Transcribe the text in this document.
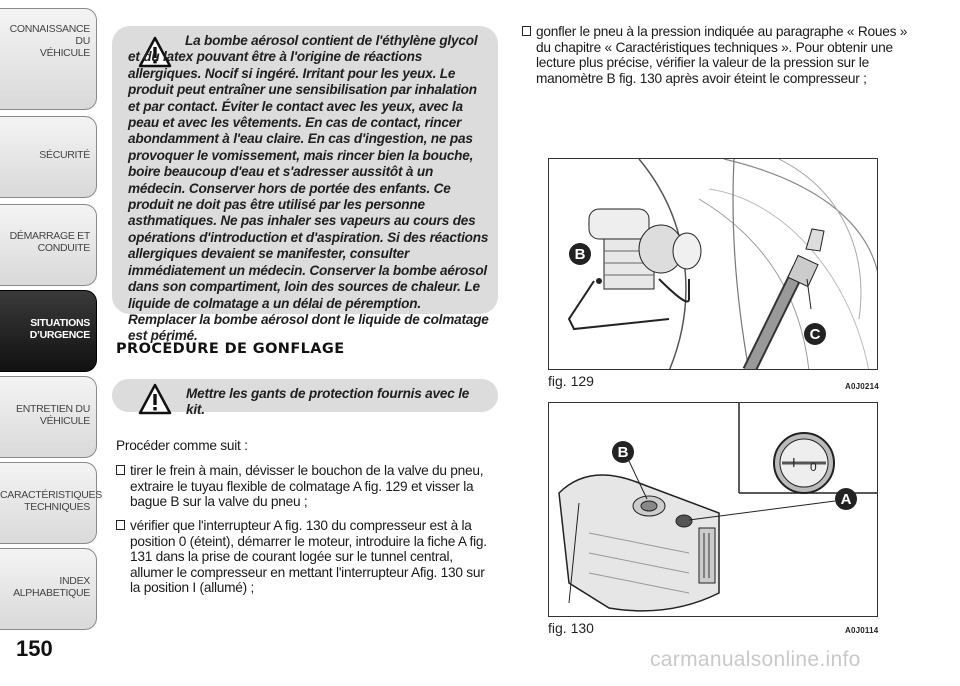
CONNAISSANCE DU
VÉHICULE
SÉCURITÉ
DÉMARRAGE ET
CONDUITE
SITUATIONS
D’URGENCE
ENTRETIEN DU
VÉHICULE
CARACTÉRISTIQUES
TECHNIQUES
INDEX
ALPHABETIQUE
150

La bombe aérosol contient de l'éthylène glycol et du latex pouvant être à l'origine de réactions allergiques. Nocif si ingéré. Irritant pour les yeux. Le produit peut entraîner une sensibilisation par inhalation et par contact. Éviter le contact avec les yeux, avec la peau et avec les vêtements. En cas de contact, rincer abondamment à l'eau claire. En cas d'ingestion, ne pas provoquer le vomissement, mais rincer bien la bouche, boire beaucoup d'eau et s'adresser aussitôt à un médecin. Conserver hors de portée des enfants. Ce produit ne doit pas être utilisé par les personne asthmatiques. Ne pas inhaler ses vapeurs au cours des opérations d'introduction et d'aspiration. Si des réactions allergiques devaient se manifester, consulter immédiatement un médecin. Conserver la bombe aérosol dans son compartiment, loin des sources de chaleur. Le liquide de colmatage a un délai de péremption. Remplacer la bombe aérosol dont le liquide de colmatage est périmé.

PROCÉDURE DE GONFLAGE

Mettre les gants de protection fournis avec le kit.

Procéder comme suit :
tirer le frein à main, dévisser le bouchon de la valve du pneu, extraire le tuyau flexible de colmatage A fig. 129 et visser la bague B sur la valve du pneu ;
vérifier que l'interrupteur A fig. 130 du compresseur est à la position 0 (éteint), démarrer le moteur, introduire la fiche A fig. 131 dans la prise de courant logée sur le tunnel central, allumer le compresseur en mettant l'interrupteur Afig. 130 sur la position I (allumé) ;
gonfler le pneu à la pression indiquée au paragraphe « Roues » du chapitre « Caractéristiques techniques ». Pour obtenir une lecture plus précise, vérifier la valeur de la pression sur le manomètre B fig. 130 après avoir éteint le compresseur ;
B
C
fig. 129	A0J0214
I 0
B
A
fig. 130	A0J0114
carmanualsonline.info
